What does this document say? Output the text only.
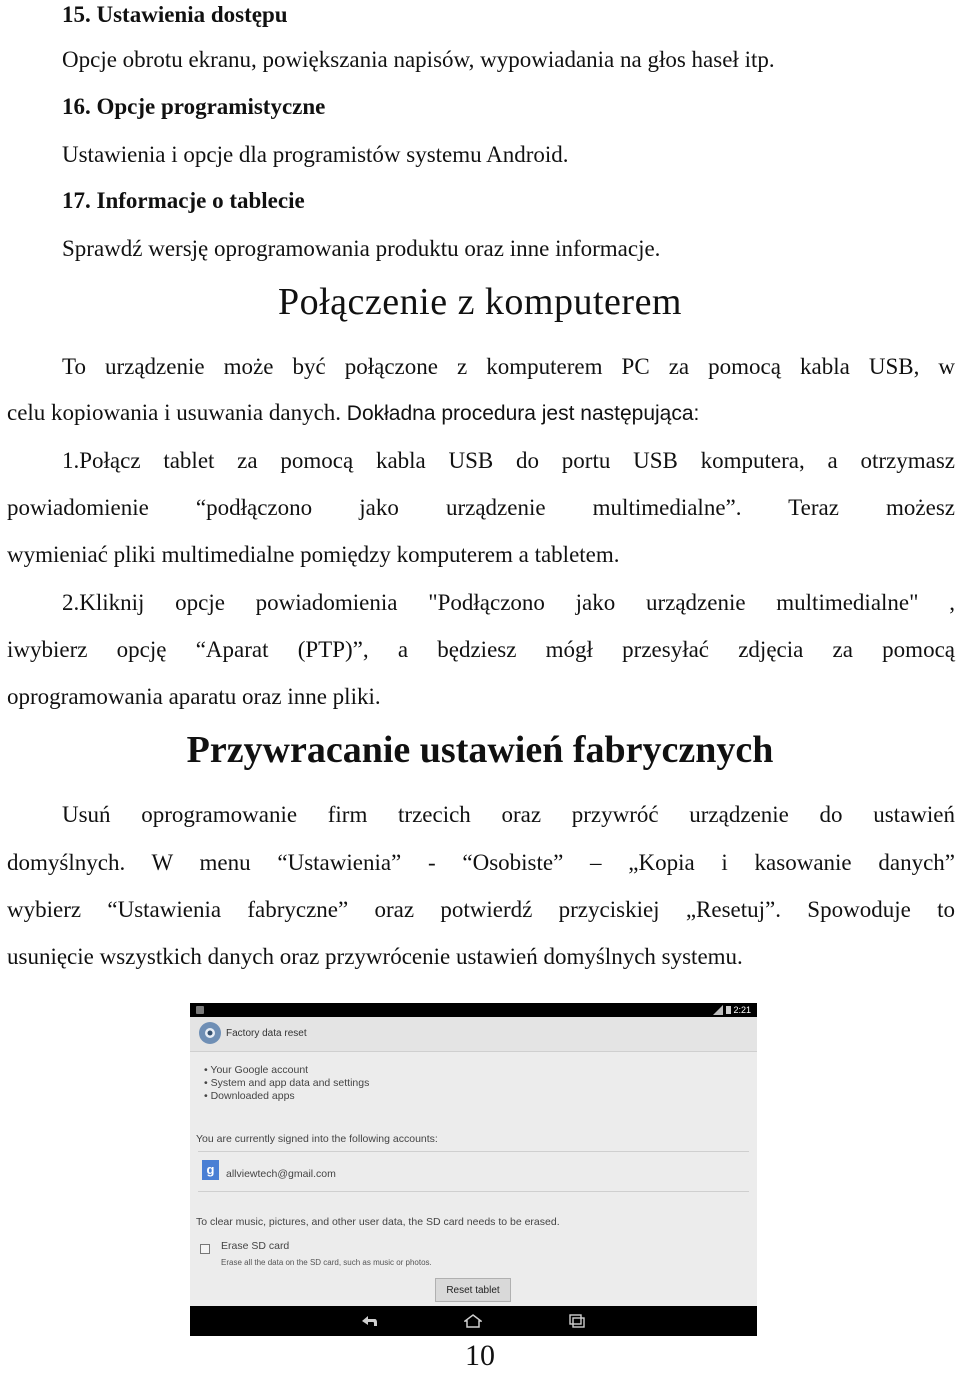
15. Ustawienia dostępu
Opcje obrotu ekranu, powiększania napisów, wypowiadania na głos haseł itp.
16. Opcje programistyczne
Ustawienia i opcje dla programistów systemu Android.
17. Informacje o tablecie
Sprawdź wersję oprogramowania produktu oraz inne informacje.
Połączenie z komputerem
To urządzenie może być połączone z komputerem PC za pomocą kabla USB, w
celu kopiowania i usuwania danych. Dokładna procedura jest następująca:
1.Połącz tablet za pomocą kabla USB do portu USB komputera, a otrzymasz
powiadomienie “podłączono jako urządzenie multimedialne”. Teraz możesz
wymieniać pliki multimedialne pomiędzy komputerem a tabletem.
2.Kliknij opcje powiadomienia "Podłączono jako urządzenie multimedialne" ,
iwybierz opcję “Aparat (PTP)”, a będziesz mógł przesyłać zdjęcia za pomocą
oprogramowania aparatu oraz inne pliki.
Przywracanie ustawień fabrycznych
Usuń oprogramowanie firm trzecich oraz przywróć urządzenie do ustawień
domyślnych. W menu “Ustawienia” - “Osobiste” – „Kopia i kasowanie danych”
wybierz “Ustawienia fabryczne” oraz potwierdź przyciskiej „Resetuj”. Spowoduje to
usunięcie wszystkich danych oraz przywrócenie ustawień domyślnych systemu.
2:21
Factory data reset
• Your Google account
• System and app data and settings
• Downloaded apps
You are currently signed into the following accounts:
g	allviewtech@gmail.com
To clear music, pictures, and other user data, the SD card needs to be erased.
Erase SD card
Erase all the data on the SD card, such as music or photos.
Reset tablet
10
